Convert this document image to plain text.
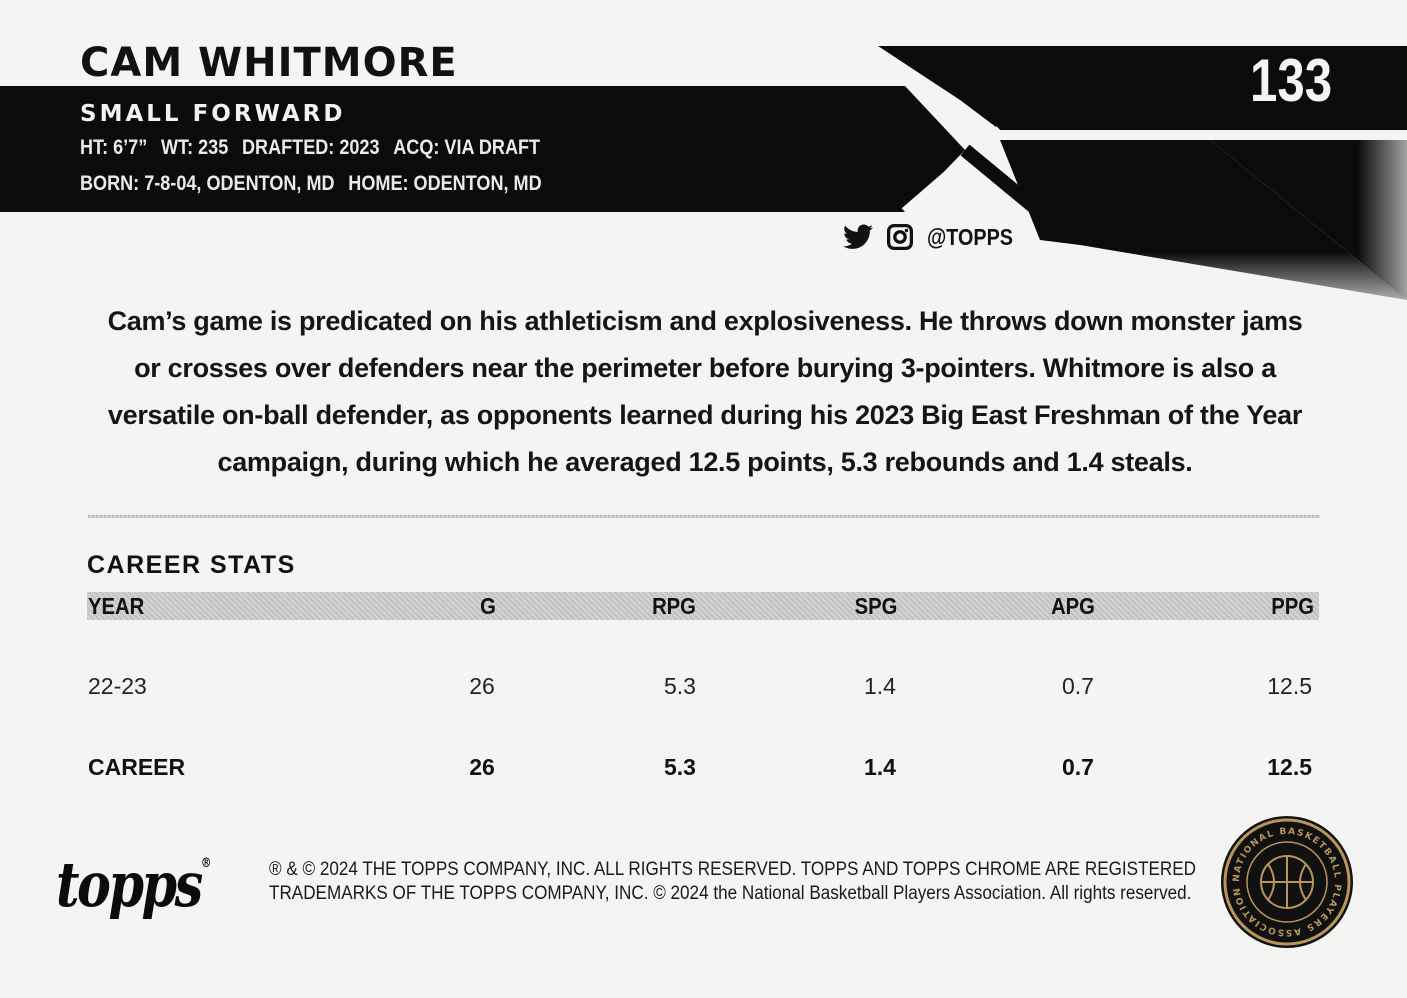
CAM WHITMORE
SMALL FORWARD
HT: 6’7” WT: 235 DRAFTED: 2023 ACQ: VIA DRAFT
BORN: 7-8-04, ODENTON, MD HOME: ODENTON, MD
133
@TOPPS
Cam’s game is predicated on his athleticism and explosiveness. He throws down monster jams or crosses over defenders near the perimeter before burying 3-pointers. Whitmore is also a versatile on-ball defender, as opponents learned during his 2023 Big East Freshman of the Year campaign, during which he averaged 12.5 points, 5.3 rebounds and 1.4 steals.
CAREER STATS
YEAR	G	RPG	SPG	APG	PPG
22-23	26	5.3	1.4	0.7	12.5
CAREER	26	5.3	1.4	0.7	12.5
topps®	® & © 2024 THE TOPPS COMPANY, INC. ALL RIGHTS RESERVED. TOPPS AND TOPPS CHROME ARE REGISTERED
TRADEMARKS OF THE TOPPS COMPANY, INC. © 2024 the National Basketball Players Association. All rights reserved.
NATIONAL BASKETBALL PLAYERS ASSOCIATION
